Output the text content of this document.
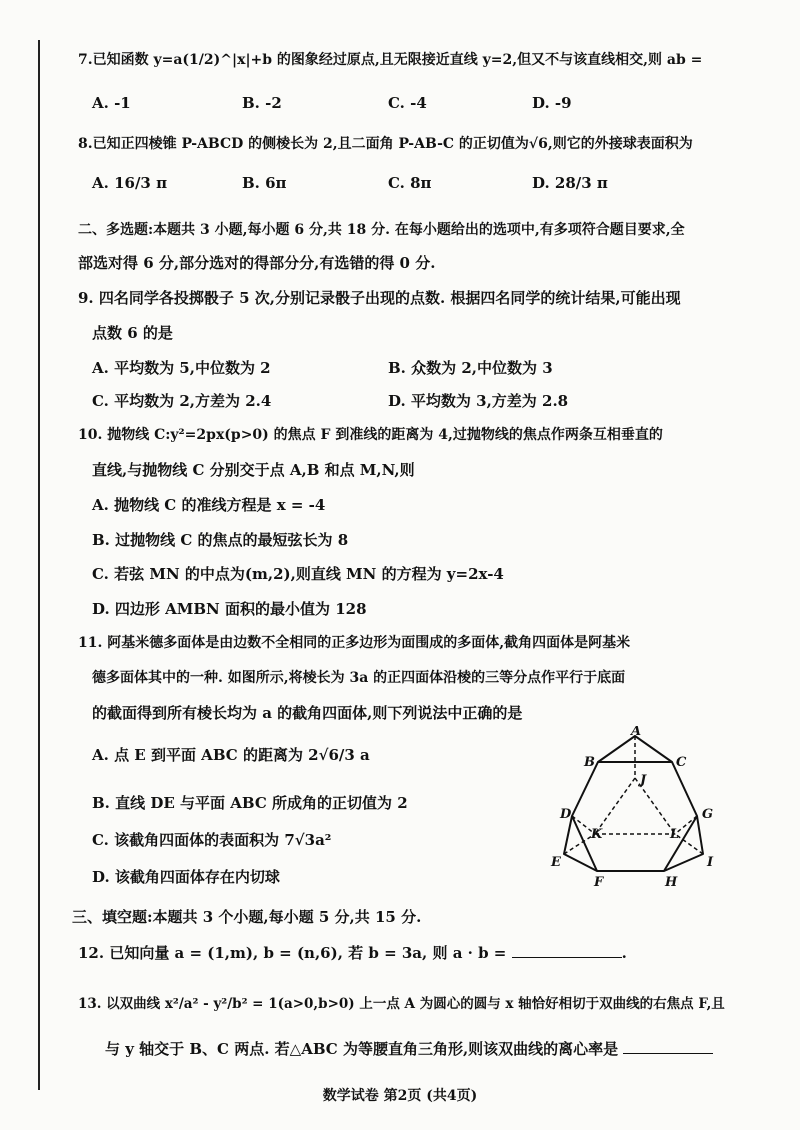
7.已知函数 y=a(1/2)^|x|+b 的图象经过原点,且无限接近直线 y=2,但又不与该直线相交,则 ab =
A. -1	B. -2	C. -4	D. -9
8.已知正四棱锥 P-ABCD 的侧棱长为 2,且二面角 P-AB-C 的正切值为√6,则它的外接球表面积为
A. 16/3 π	B. 6π	C. 8π	D. 28/3 π
二、多选题:本题共 3 小题,每小题 6 分,共 18 分. 在每小题给出的选项中,有多项符合题目要求,全
部选对得 6 分,部分选对的得部分分,有选错的得 0 分.
9. 四名同学各投掷骰子 5 次,分别记录骰子出现的点数. 根据四名同学的统计结果,可能出现
点数 6 的是
A. 平均数为 5,中位数为 2	B. 众数为 2,中位数为 3
C. 平均数为 2,方差为 2.4	D. 平均数为 3,方差为 2.8
10. 抛物线 C:y²=2px(p>0) 的焦点 F 到准线的距离为 4,过抛物线的焦点作两条互相垂直的
直线,与抛物线 C 分别交于点 A,B 和点 M,N,则
A. 抛物线 C 的准线方程是 x = -4
B. 过抛物线 C 的焦点的最短弦长为 8
C. 若弦 MN 的中点为(m,2),则直线 MN 的方程为 y=2x-4
D. 四边形 AMBN 面积的最小值为 128
11. 阿基米德多面体是由边数不全相同的正多边形为面围成的多面体,截角四面体是阿基米
德多面体其中的一种. 如图所示,将棱长为 3a 的正四面体沿棱的三等分点作平行于底面
的截面得到所有棱长均为 a 的截角四面体,则下列说法中正确的是
A. 点 E 到平面 ABC 的距离为 2√6/3 a
B. 直线 DE 与平面 ABC 所成角的正切值为 2
C. 该截角四面体的表面积为 7√3a²
D. 该截角四面体存在内切球
A
B	C
J
D	G
K	L
E	I
F	H
三、填空题:本题共 3 个小题,每小题 5 分,共 15 分.
12. 已知向量 a = (1,m), b = (n,6), 若 b = 3a, 则 a · b =	.
13. 以双曲线 x²/a² - y²/b² = 1(a>0,b>0) 上一点 A 为圆心的圆与 x 轴恰好相切于双曲线的右焦点 F,且
与 y 轴交于 B、C 两点. 若△ABC 为等腰直角三角形,则该双曲线的离心率是
数学试卷 第2页 (共4页)
